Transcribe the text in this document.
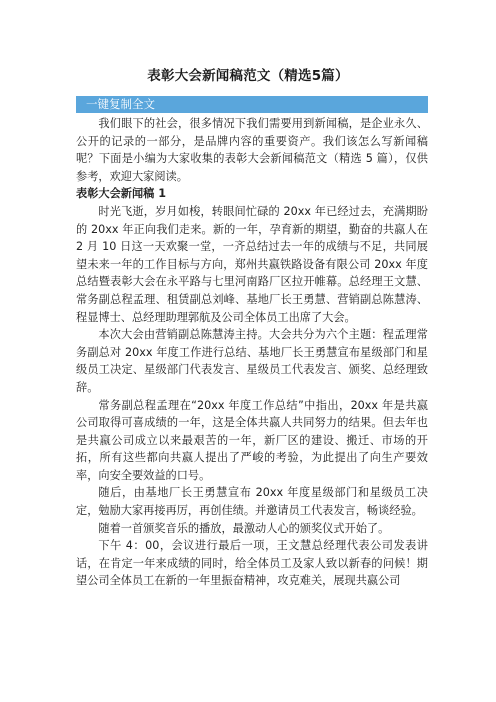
表彰大会新闻稿范文（精选5篇）
一键复制全文

我们眼下的社会，很多情况下我们需要用到新闻稿，是企业永久、公开的记录的一部分，是品牌内容的重要资产。我们该怎么写新闻稿呢？下面是小编为大家收集的表彰大会新闻稿范文（精选 5 篇），仅供参考，欢迎大家阅读。

表彰大会新闻稿 1

时光飞逝，岁月如梭，转眼间忙碌的 20xx 年已经过去，充满期盼的 20xx 年正向我们走来。新的一年，孕育新的期望，勤奋的共嬴人在 2 月 10 日这一天欢聚一堂，一齐总结过去一年的成绩与不足，共同展望未来一年的工作目标与方向，郑州共嬴铁路设备有限公司 20xx 年度总结暨表彰大会在永平路与七里河南路厂区拉开帷幕。总经理王文慧、常务副总程孟理、租赁副总刘峰、基地厂长王勇慧、营销副总陈慧涛、程显博士、总经理助理郭航及公司全体员工出席了大会。

本次大会由营销副总陈慧涛主持。大会共分为六个主题：程孟理常务副总对 20xx 年度工作进行总结、基地厂长王勇慧宣布星级部门和星级员工决定、星级部门代表发言、星级员工代表发言、颁奖、总经理致辞。

常务副总程孟理在“20xx 年度工作总结”中指出，20xx 年是共嬴公司取得可喜成绩的一年，这是全体共嬴人共同努力的结果。但去年也是共嬴公司成立以来最艰苦的一年，新厂区的建设、搬迁、市场的开拓，所有这些都向共嬴人提出了严峻的考验，为此提出了向生产要效率，向安全要效益的口号。

随后，由基地厂长王勇慧宣布 20xx 年度星级部门和星级员工决定，勉励大家再接再厉，再创佳绩。并邀请员工代表发言，畅谈经验。

随着一首颁奖音乐的播放，最激动人心的颁奖仪式开始了。

下午 4：00，会议进行最后一项，王文慧总经理代表公司发表讲话，在肯定一年来成绩的同时，给全体员工及家人致以新春的问候！期望公司全体员工在新的一年里振奋精神，攻克难关，展现共嬴公司
